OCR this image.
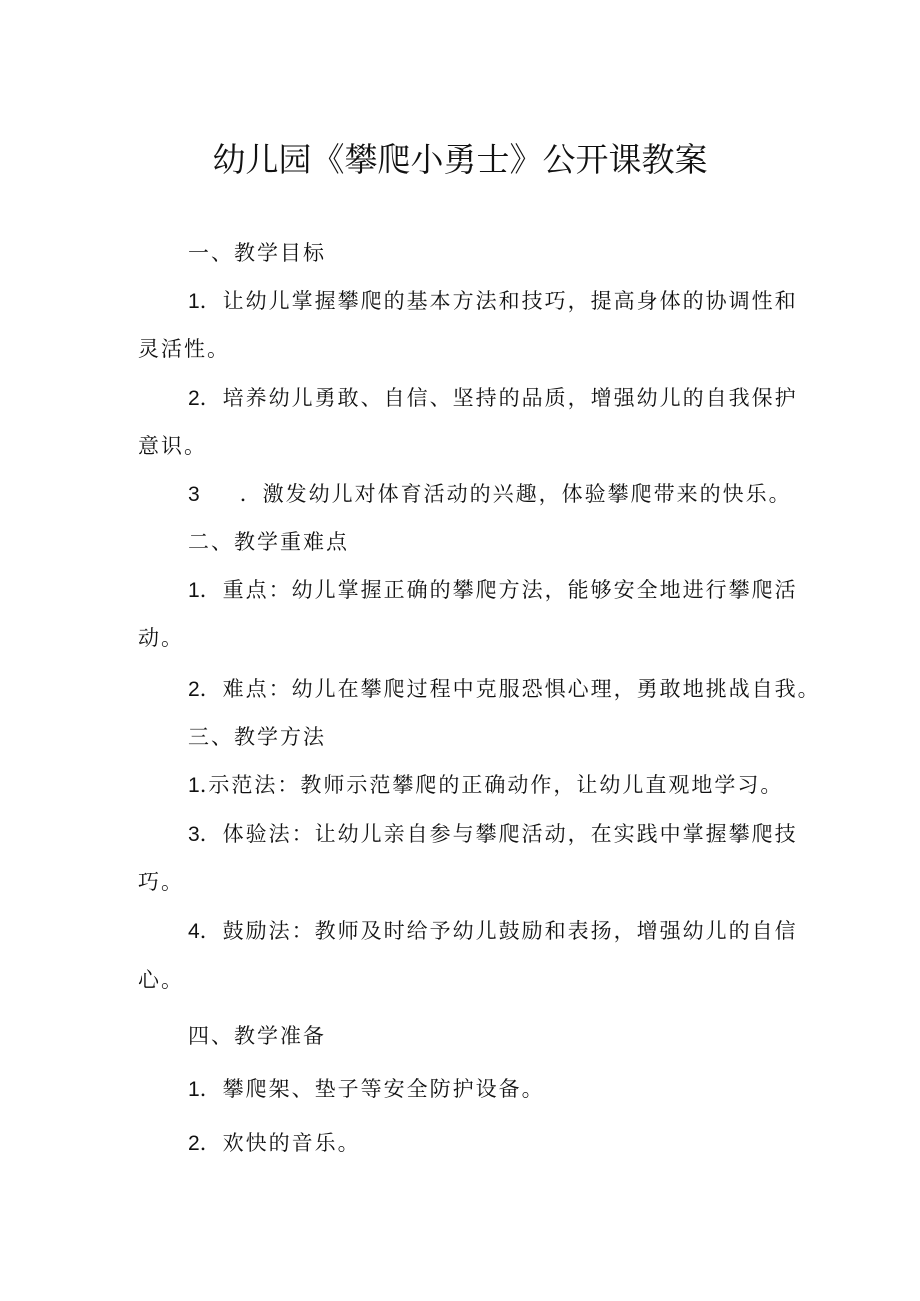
幼儿园《攀爬小勇士》公开课教案
一、教学目标
1．让幼儿掌握攀爬的基本方法和技巧，提高身体的协调性和
灵活性。
2．培养幼儿勇敢、自信、坚持的品质，增强幼儿的自我保护
意识。
3 ．激发幼儿对体育活动的兴趣，体验攀爬带来的快乐。
二、教学重难点
1．重点：幼儿掌握正确的攀爬方法，能够安全地进行攀爬活
动。
2．难点：幼儿在攀爬过程中克服恐惧心理，勇敢地挑战自我。
三、教学方法
1.示范法：教师示范攀爬的正确动作，让幼儿直观地学习。
3．体验法：让幼儿亲自参与攀爬活动，在实践中掌握攀爬技
巧。
4．鼓励法：教师及时给予幼儿鼓励和表扬，增强幼儿的自信
心。
四、教学准备
1．攀爬架、垫子等安全防护设备。
2．欢快的音乐。
